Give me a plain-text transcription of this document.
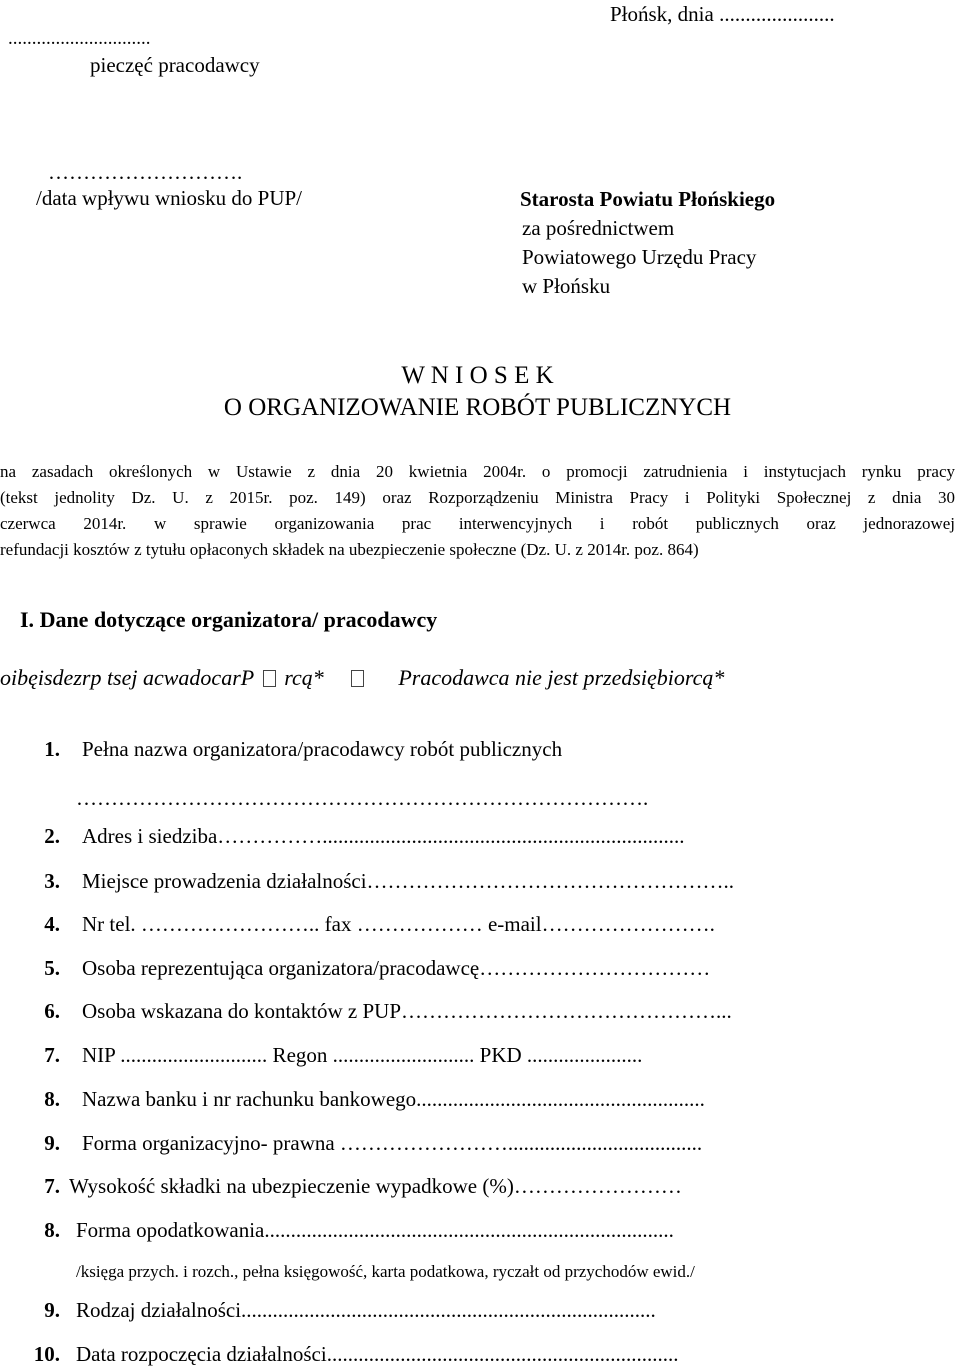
Płońsk, dnia ......................
..............................
pieczęć pracodawcy
……………………….
/data wpływu wniosku do PUP/	Starosta Powiatu Płońskiego
za pośrednictwem
Powiatowego Urzędu Pracy
w Płońsku
W N I O S E K
O ORGANIZOWANIE ROBÓT PUBLICZNYCH
na zasadach określonych w Ustawie z dnia 20 kwietnia 2004r. o promocji zatrudnienia i instytucjach rynku pracy
(tekst jednolity Dz. U. z 2015r. poz. 149) oraz Rozporządzeniu Ministra Pracy i Polityki Społecznej z dnia 30
czerwca 2014r. w sprawie organizowania prac interwencyjnych i robót publicznych oraz jednorazowej
refundacji kosztów z tytułu opłaconych składek na ubezpieczenie społeczne (Dz. U. z 2014r. poz. 864)
I. Dane dotyczące organizatora/ pracodawcy
oibęisdezrp tsej acwadocarP rcą*	Pracodawca nie jest przedsiębiorcą*
1. Pełna nazwa organizatora/pracodawcy robót publicznych
……………………………………………………………………….
2. Adres i siedziba…………….....................................................................
3. Miejsce prowadzenia działalności……………………………………………..
4. Nr tel. …………………….. fax ……………… e-mail…………………….
5. Osoba reprezentująca organizatora/pracodawcę……………………………
6. Osoba wskazana do kontaktów z PUP………………………………………...
7. NIP ............................ Regon ........................... PKD ......................
8. Nazwa banku i nr rachunku bankowego.......................................................
9. Forma organizacyjno- prawna …………………….....................................
7. Wysokość składki na ubezpieczenie wypadkowe (%)……………………
8. Forma opodatkowania..............................................................................
/księga przych. i rozch., pełna księgowość, karta podatkowa, ryczałt od przychodów ewid./
9. Rodzaj działalności...............................................................................
10. Data rozpoczęcia działalności...................................................................
